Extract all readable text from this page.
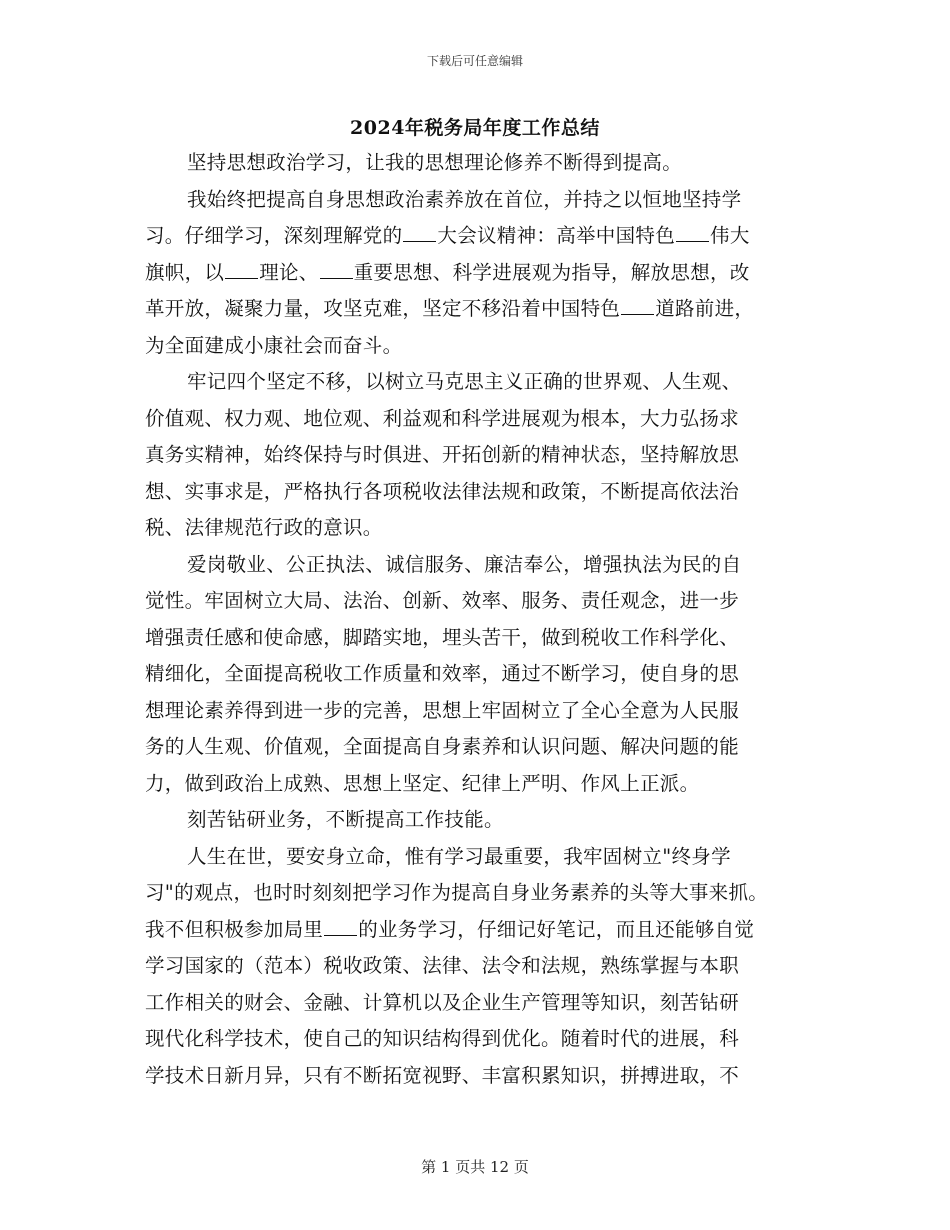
下载后可任意编辑
2024年税务局年度工作总结
坚持思想政治学习，让我的思想理论修养不断得到提高。
我始终把提高自身思想政治素养放在首位，并持之以恒地坚持学
习。仔细学习，深刻理解党的 大会议精神：高举中国特色 伟大
旗帜，以 理论、 重要思想、科学进展观为指导，解放思想，改
革开放，凝聚力量，攻坚克难，坚定不移沿着中国特色 道路前进，
为全面建成小康社会而奋斗。
牢记四个坚定不移，以树立马克思主义正确的世界观、人生观、
价值观、权力观、地位观、利益观和科学进展观为根本，大力弘扬求
真务实精神，始终保持与时俱进、开拓创新的精神状态，坚持解放思
想、实事求是，严格执行各项税收法律法规和政策，不断提高依法治
税、法律规范行政的意识。
爱岗敬业、公正执法、诚信服务、廉洁奉公，增强执法为民的自
觉性。牢固树立大局、法治、创新、效率、服务、责任观念，进一步
增强责任感和使命感，脚踏实地，埋头苦干，做到税收工作科学化、
精细化，全面提高税收工作质量和效率，通过不断学习，使自身的思
想理论素养得到进一步的完善，思想上牢固树立了全心全意为人民服
务的人生观、价值观，全面提高自身素养和认识问题、解决问题的能
力，做到政治上成熟、思想上坚定、纪律上严明、作风上正派。
刻苦钻研业务，不断提高工作技能。
人生在世，要安身立命，惟有学习最重要，我牢固树立"终身学
习"的观点，也时时刻刻把学习作为提高自身业务素养的头等大事来抓。
我不但积极参加局里 的业务学习，仔细记好笔记，而且还能够自觉
学习国家的（范本）税收政策、法律、法令和法规，熟练掌握与本职
工作相关的财会、金融、计算机以及企业生产管理等知识，刻苦钻研
现代化科学技术，使自己的知识结构得到优化。随着时代的进展，科
学技术日新月异，只有不断拓宽视野、丰富积累知识，拼搏进取，不
第 1 页共 12 页
